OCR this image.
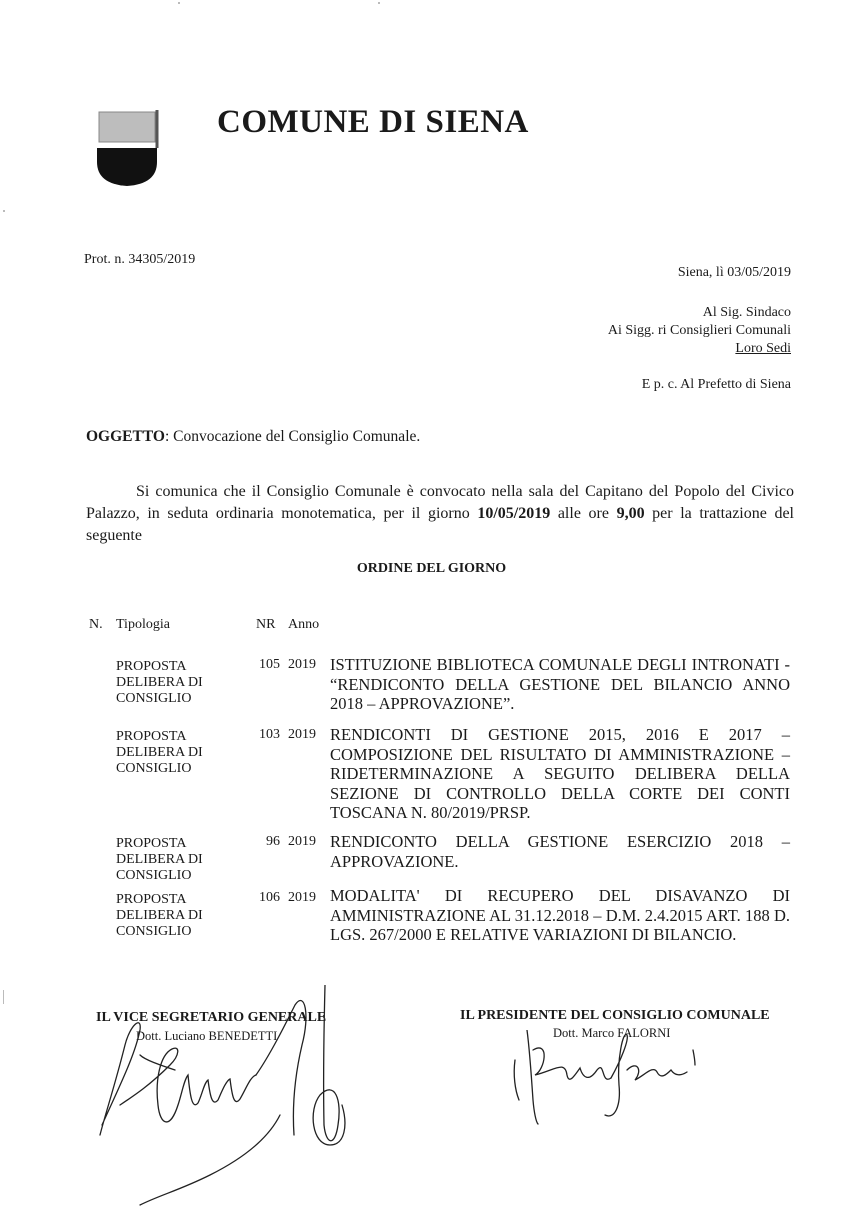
COMUNE DI SIENA
Prot. n. 34305/2019
Siena, lì 03/05/2019
Al Sig. Sindaco
Ai Sigg. ri Consiglieri Comunali
Loro Sedi
E p. c. Al Prefetto di Siena
OGGETTO: Convocazione del Consiglio Comunale.
Si comunica che il Consiglio Comunale è convocato nella sala del Capitano del Popolo del Civico Palazzo, in seduta ordinaria monotematica, per il giorno 10/05/2019 alle ore 9,00 per la trattazione del seguente
ORDINE DEL GIORNO
N. Tipologia	NR Anno
PROPOSTA
DELIBERA DI
CONSIGLIO
105 2019 ISTITUZIONE BIBLIOTECA COMUNALE DEGLI INTRONATI - “RENDICONTO DELLA GESTIONE DEL BILANCIO ANNO 2018 – APPROVAZIONE”.
PROPOSTA
DELIBERA DI
CONSIGLIO
103 2019 RENDICONTI DI GESTIONE 2015, 2016 E 2017 – COMPOSIZIONE DEL RISULTATO DI AMMINISTRAZIONE – RIDETERMINAZIONE A SEGUITO DELIBERA DELLA SEZIONE DI CONTROLLO DELLA CORTE DEI CONTI TOSCANA N. 80/2019/PRSP.
PROPOSTA
DELIBERA DI
CONSIGLIO
96 2019 RENDICONTO DELLA GESTIONE ESERCIZIO 2018 – APPROVAZIONE.
PROPOSTA
DELIBERA DI
CONSIGLIO
106 2019 MODALITA' DI RECUPERO DEL DISAVANZO DI AMMINISTRAZIONE AL 31.12.2018 – D.M. 2.4.2015 ART. 188 D. LGS. 267/2000 E RELATIVE VARIAZIONI DI BILANCIO.
IL VICE SEGRETARIO GENERALE
Dott. Luciano BENEDETTI
IL PRESIDENTE DEL CONSIGLIO COMUNALE
Dott. Marco FALORNI
